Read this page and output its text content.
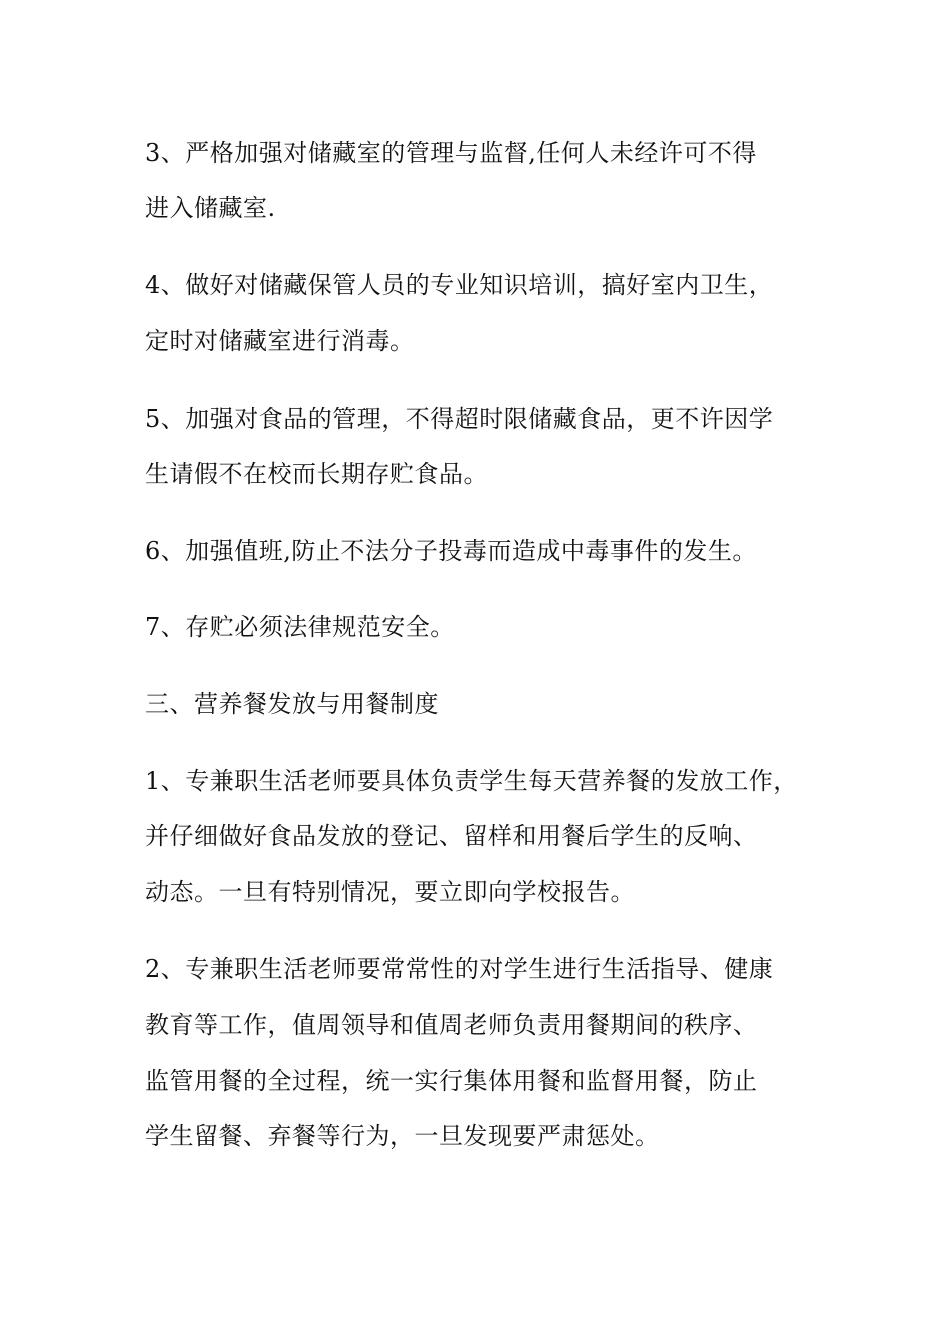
3、严格加强对储藏室的管理与监督,任何人未经许可不得
进入储藏室.
4、做好对储藏保管人员的专业知识培训，搞好室内卫生，
定时对储藏室进行消毒。
5、加强对食品的管理，不得超时限储藏食品，更不许因学
生请假不在校而长期存贮食品。
6、加强值班,防止不法分子投毒而造成中毒事件的发生。
7、存贮必须法律规范安全。
三、营养餐发放与用餐制度
1、专兼职生活老师要具体负责学生每天营养餐的发放工作，
并仔细做好食品发放的登记、留样和用餐后学生的反响、
动态。一旦有特别情况，要立即向学校报告。
2、专兼职生活老师要常常性的对学生进行生活指导、健康
教育等工作，值周领导和值周老师负责用餐期间的秩序、
监管用餐的全过程，统一实行集体用餐和监督用餐，防止
学生留餐、弃餐等行为，一旦发现要严肃惩处。
